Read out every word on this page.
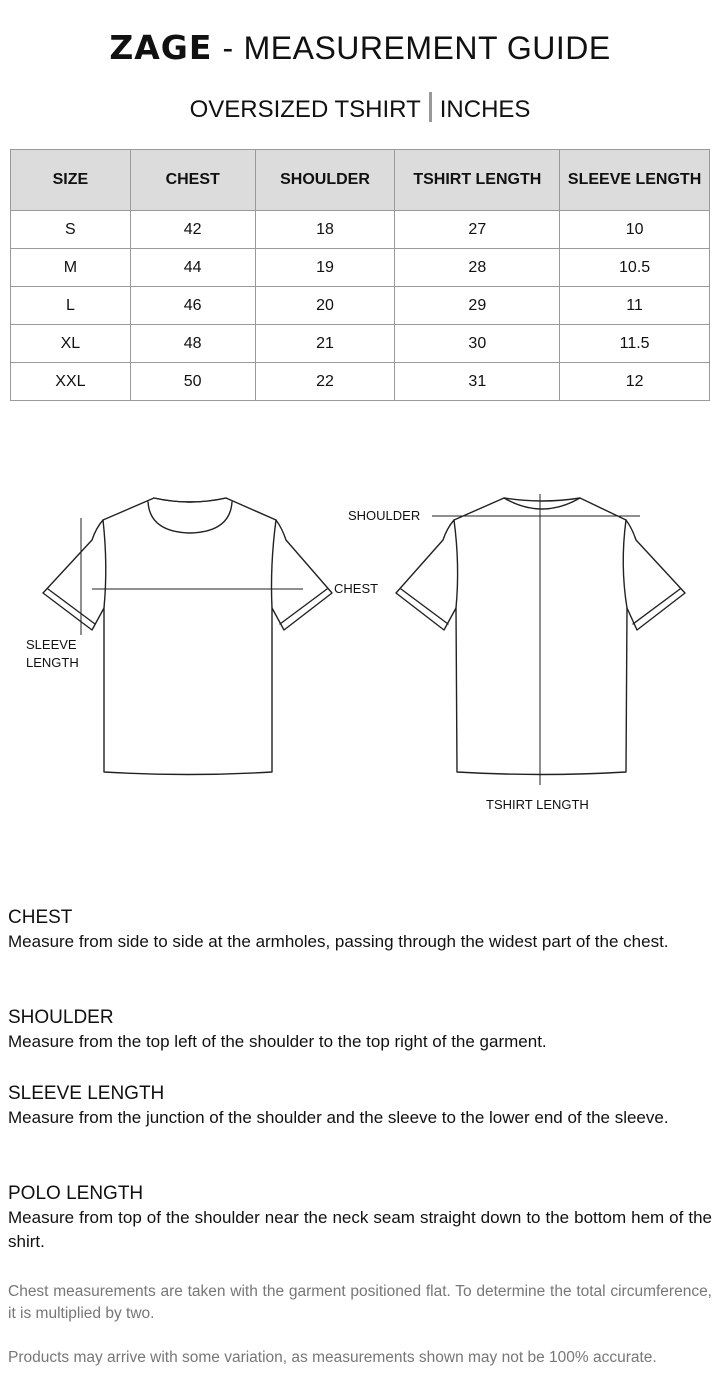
ZAGE - MEASUREMENT GUIDE
OVERSIZED TSHIRT INCHES
SIZE	CHEST	SHOULDER	TSHIRT LENGTH	SLEEVE LENGTH
S	42	18	27	10
M	44	19	28	10.5
L	46	20	29	11
XL	48	21	30	11.5
XXL	50	22	31	12
SHOULDER
CHEST
SLEEVE
LENGTH
TSHIRT LENGTH
CHEST
Measure from side to side at the armholes, passing through the widest part of the chest.
SHOULDER
Measure from the top left of the shoulder to the top right of the garment.
SLEEVE LENGTH
Measure from the junction of the shoulder and the sleeve to the lower end of the sleeve.
POLO LENGTH
Measure from top of the shoulder near the neck seam straight down to the bottom hem of the shirt.
Chest measurements are taken with the garment positioned flat. To determine the total circumference, it is multiplied by two.
Products may arrive with some variation, as measurements shown may not be 100% accurate.
